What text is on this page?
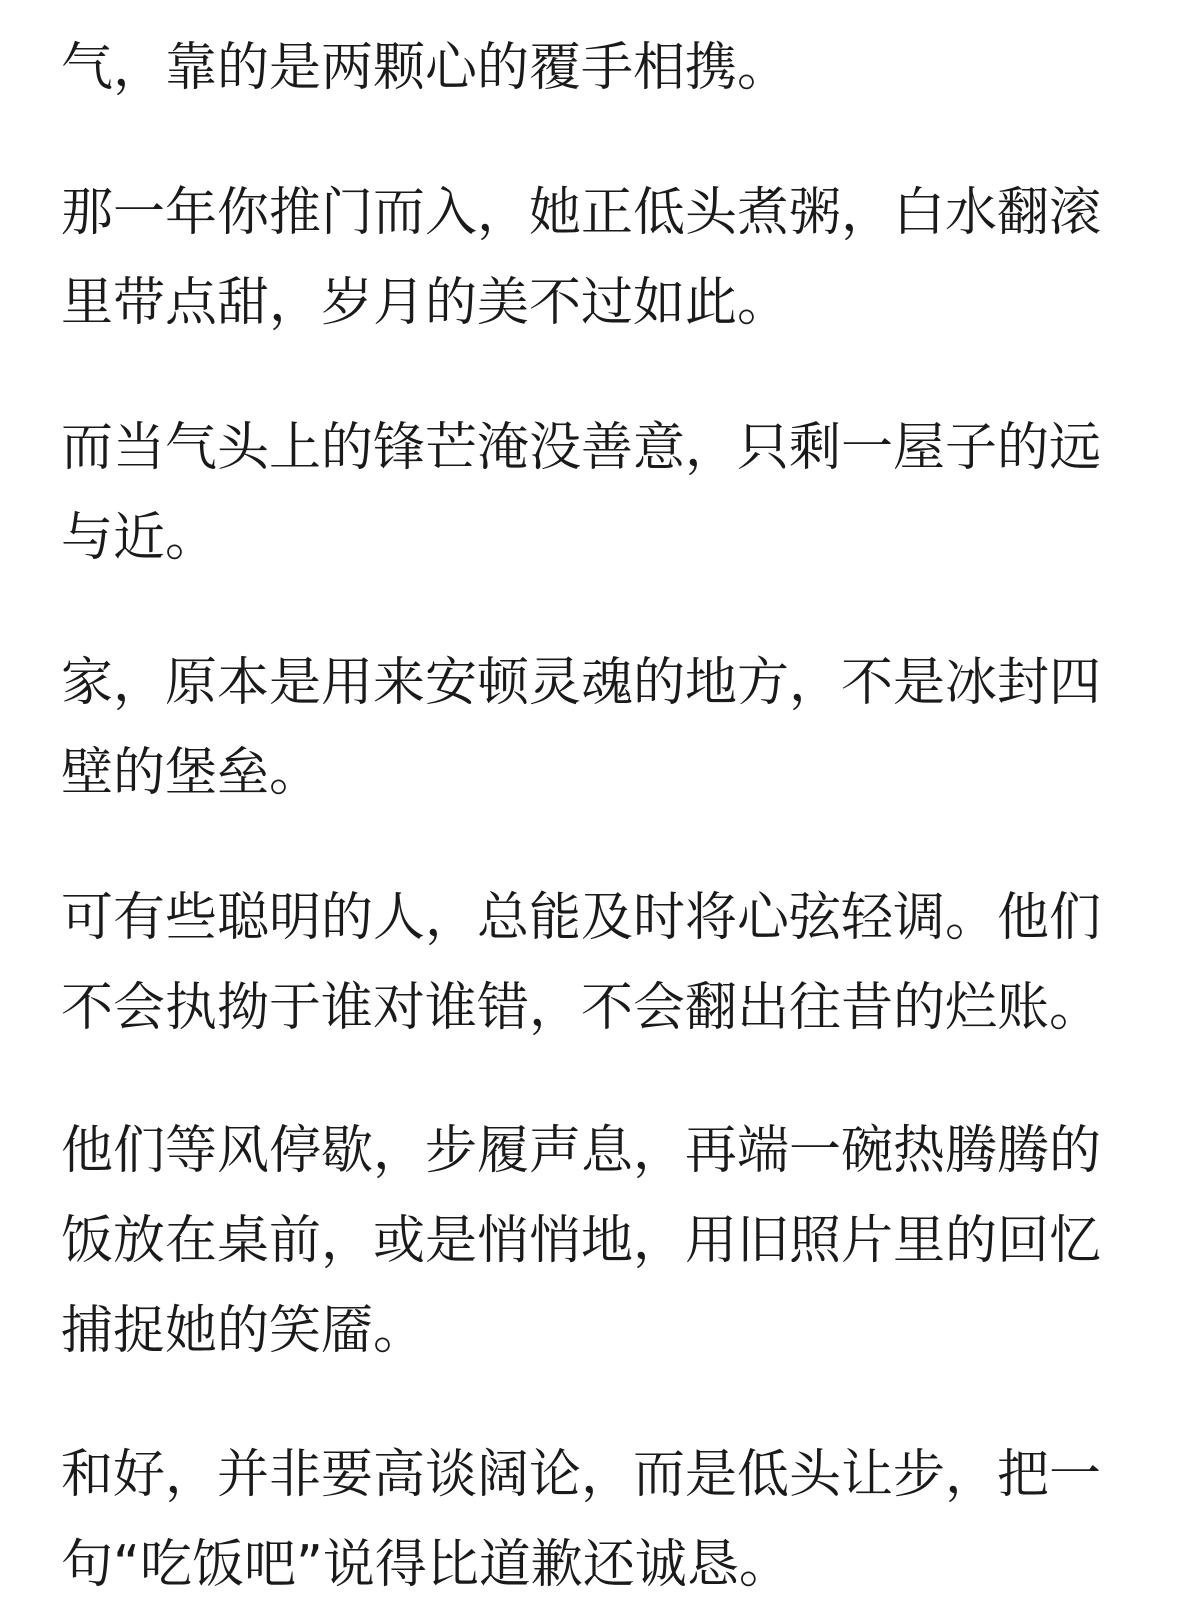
气，靠的是两颗心的覆手相携。

那一年你推门而入，她正低头煮粥，白水翻滚
里带点甜，岁月的美不过如此。

而当气头上的锋芒淹没善意，只剩一屋子的远
与近。

家，原本是用来安顿灵魂的地方，不是冰封四
壁的堡垒。

可有些聪明的人，总能及时将心弦轻调。他们
不会执拗于谁对谁错，不会翻出往昔的烂账。

他们等风停歇，步履声息，再端一碗热腾腾的
饭放在桌前，或是悄悄地，用旧照片里的回忆
捕捉她的笑靥。

和好，并非要高谈阔论，而是低头让步，把一
句“吃饭吧”说得比道歉还诚恳。
